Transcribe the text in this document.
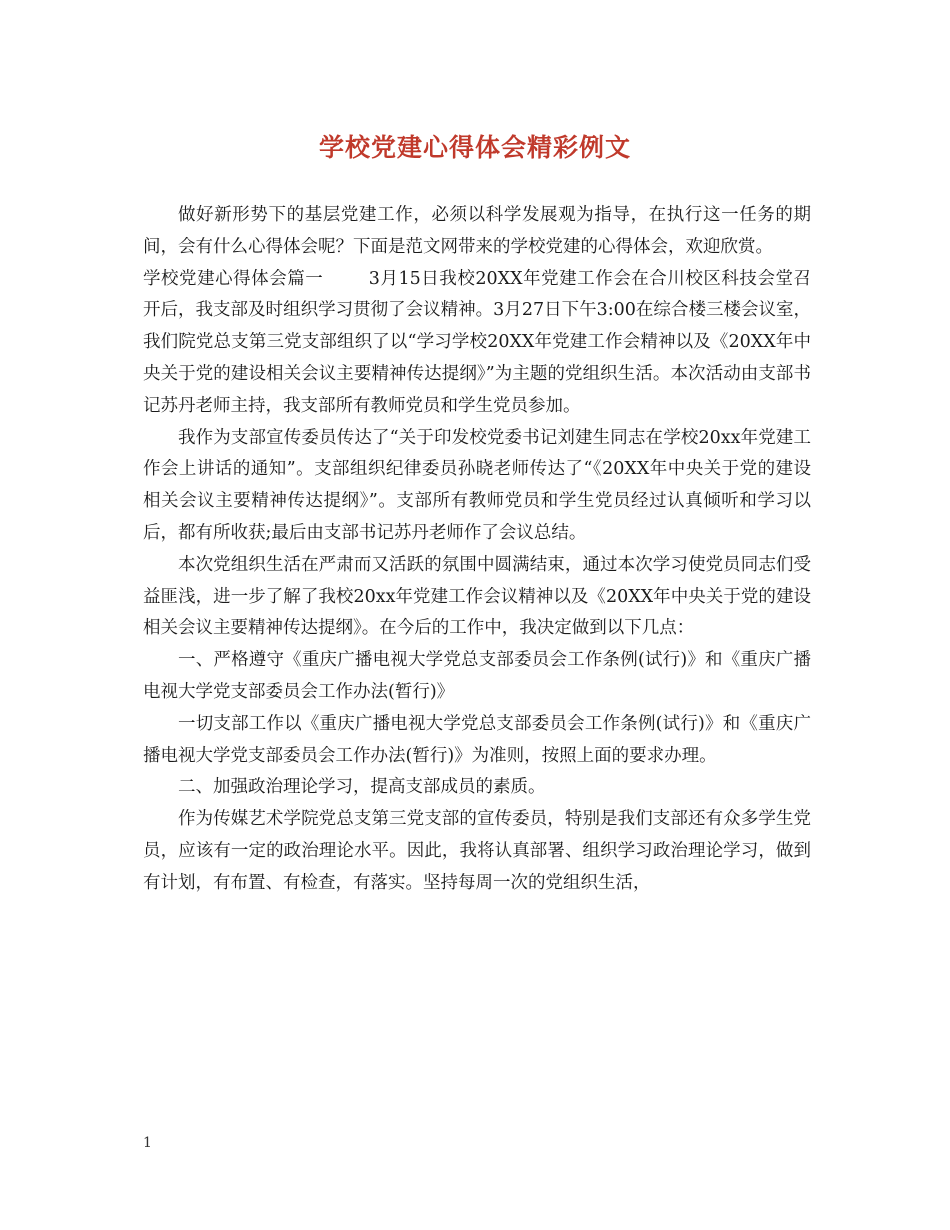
学校党建心得体会精彩例文

做好新形势下的基层党建工作，必须以科学发展观为指导，在执行这一任务的期间，会有什么心得体会呢？下面是范文网带来的学校党建的心得体会，欢迎欣赏。

学校党建心得体会篇一	3月15日我校20XX年党建工作会在合川校区科技会堂召开后，我支部及时组织学习贯彻了会议精神。3月27日下午3:00在综合楼三楼会议室，我们院党总支第三党支部组织了以“学习学校20XX年党建工作会精神以及《20XX年中央关于党的建设相关会议主要精神传达提纲》”为主题的党组织生活。本次活动由支部书记苏丹老师主持，我支部所有教师党员和学生党员参加。

我作为支部宣传委员传达了“关于印发校党委书记刘建生同志在学校20xx年党建工作会上讲话的通知”。支部组织纪律委员孙晓老师传达了“《20XX年中央关于党的建设相关会议主要精神传达提纲》”。支部所有教师党员和学生党员经过认真倾听和学习以后，都有所收获;最后由支部书记苏丹老师作了会议总结。

本次党组织生活在严肃而又活跃的氛围中圆满结束，通过本次学习使党员同志们受益匪浅，进一步了解了我校20xx年党建工作会议精神以及《20XX年中央关于党的建设相关会议主要精神传达提纲》。在今后的工作中，我决定做到以下几点：

一、严格遵守《重庆广播电视大学党总支部委员会工作条例(试行)》和《重庆广播电视大学党支部委员会工作办法(暂行)》

一切支部工作以《重庆广播电视大学党总支部委员会工作条例(试行)》和《重庆广播电视大学党支部委员会工作办法(暂行)》为准则，按照上面的要求办理。

二、加强政治理论学习，提高支部成员的素质。

作为传媒艺术学院党总支第三党支部的宣传委员，特别是我们支部还有众多学生党员，应该有一定的政治理论水平。因此，我将认真部署、组织学习政治理论学习，做到有计划，有布置、有检查，有落实。坚持每周一次的党组织生活，

1
